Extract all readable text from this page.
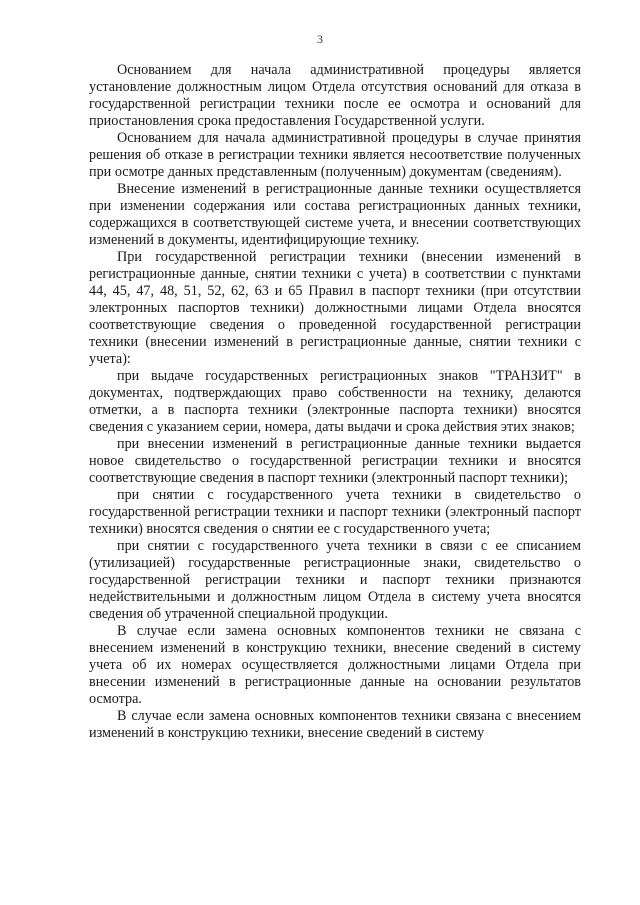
3

Основанием для начала административной процедуры является установление должностным лицом Отдела отсутствия оснований для отказа в государственной регистрации техники после ее осмотра и оснований для приостановления срока предоставления Государственной услуги.

Основанием для начала административной процедуры в случае принятия решения об отказе в регистрации техники является несоответствие полученных при осмотре данных представленным (полученным) документам (сведениям).

Внесение изменений в регистрационные данные техники осуществляется при изменении содержания или состава регистрационных данных техники, содержащихся в соответствующей системе учета, и внесении соответствующих изменений в документы, идентифицирующие технику.

При государственной регистрации техники (внесении изменений в регистрационные данные, снятии техники с учета) в соответствии с пунктами 44, 45, 47, 48, 51, 52, 62, 63 и 65 Правил в паспорт техники (при отсутствии электронных паспортов техники) должностными лицами Отдела вносятся соответствующие сведения о проведенной государственной регистрации техники (внесении изменений в регистрационные данные, снятии техники с учета):

при выдаче государственных регистрационных знаков "ТРАНЗИТ" в документах, подтверждающих право собственности на технику, делаются отметки, а в паспорта техники (электронные паспорта техники) вносятся сведения с указанием серии, номера, даты выдачи и срока действия этих знаков;

при внесении изменений в регистрационные данные техники выдается новое свидетельство о государственной регистрации техники и вносятся соответствующие сведения в паспорт техники (электронный паспорт техники);

при снятии с государственного учета техники в свидетельство о государственной регистрации техники и паспорт техники (электронный паспорт техники) вносятся сведения о снятии ее с государственного учета;

при снятии с государственного учета техники в связи с ее списанием (утилизацией) государственные регистрационные знаки, свидетельство о государственной регистрации техники и паспорт техники признаются недействительными и должностным лицом Отдела в систему учета вносятся сведения об утраченной специальной продукции.

В случае если замена основных компонентов техники не связана с внесением изменений в конструкцию техники, внесение сведений в систему учета об их номерах осуществляется должностными лицами Отдела при внесении изменений в регистрационные данные на основании результатов осмотра.

В случае если замена основных компонентов техники связана с внесением изменений в конструкцию техники, внесение сведений в систему
